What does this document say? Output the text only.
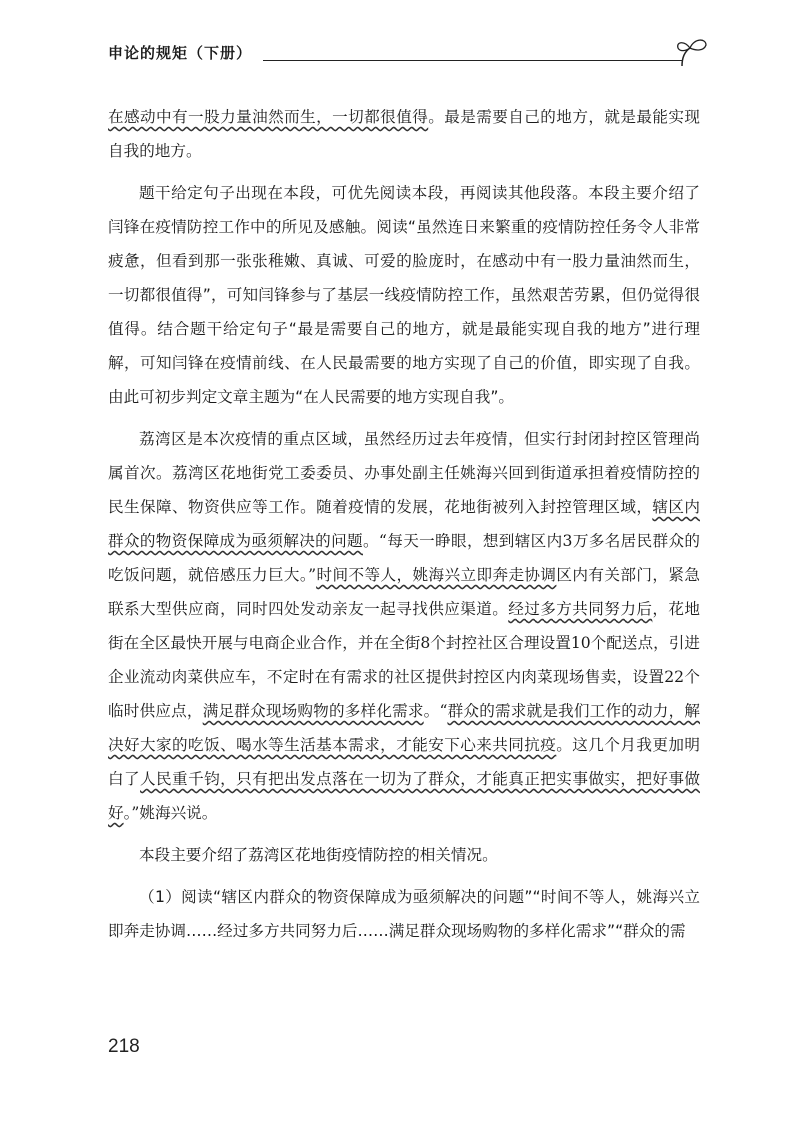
申论的规矩（下册）

在感动中有一股力量油然而生，一切都很值得。最是需要自己的地方，就是最能实现自我的地方。

题干给定句子出现在本段，可优先阅读本段，再阅读其他段落。本段主要介绍了闫锋在疫情防控工作中的所见及感触。阅读“虽然连日来繁重的疫情防控任务令人非常疲惫，但看到那一张张稚嫩、真诚、可爱的脸庞时，在感动中有一股力量油然而生，一切都很值得”，可知闫锋参与了基层一线疫情防控工作，虽然艰苦劳累，但仍觉得很值得。结合题干给定句子“最是需要自己的地方，就是最能实现自我的地方”进行理解，可知闫锋在疫情前线、在人民最需要的地方实现了自己的价值，即实现了自我。由此可初步判定文章主题为“在人民需要的地方实现自我”。

荔湾区是本次疫情的重点区域，虽然经历过去年疫情，但实行封闭封控区管理尚属首次。荔湾区花地街党工委委员、办事处副主任姚海兴回到街道承担着疫情防控的民生保障、物资供应等工作。随着疫情的发展，花地街被列入封控管理区域，辖区内群众的物资保障成为亟须解决的问题。“每天一睁眼，想到辖区内3万多名居民群众的吃饭问题，就倍感压力巨大。”时间不等人，姚海兴立即奔走协调区内有关部门，紧急联系大型供应商，同时四处发动亲友一起寻找供应渠道。经过多方共同努力后，花地街在全区最快开展与电商企业合作，并在全街8个封控社区合理设置10个配送点，引进企业流动肉菜供应车，不定时在有需求的社区提供封控区内肉菜现场售卖，设置22个临时供应点，满足群众现场购物的多样化需求。“群众的需求就是我们工作的动力，解决好大家的吃饭、喝水等生活基本需求，才能安下心来共同抗疫。这几个月我更加明白了人民重千钧，只有把出发点落在一切为了群众，才能真正把实事做实，把好事做好。”姚海兴说。

本段主要介绍了荔湾区花地街疫情防控的相关情况。

（1）阅读“辖区内群众的物资保障成为亟须解决的问题”“时间不等人，姚海兴立即奔走协调……经过多方共同努力后……满足群众现场购物的多样化需求”“群众的需

218
